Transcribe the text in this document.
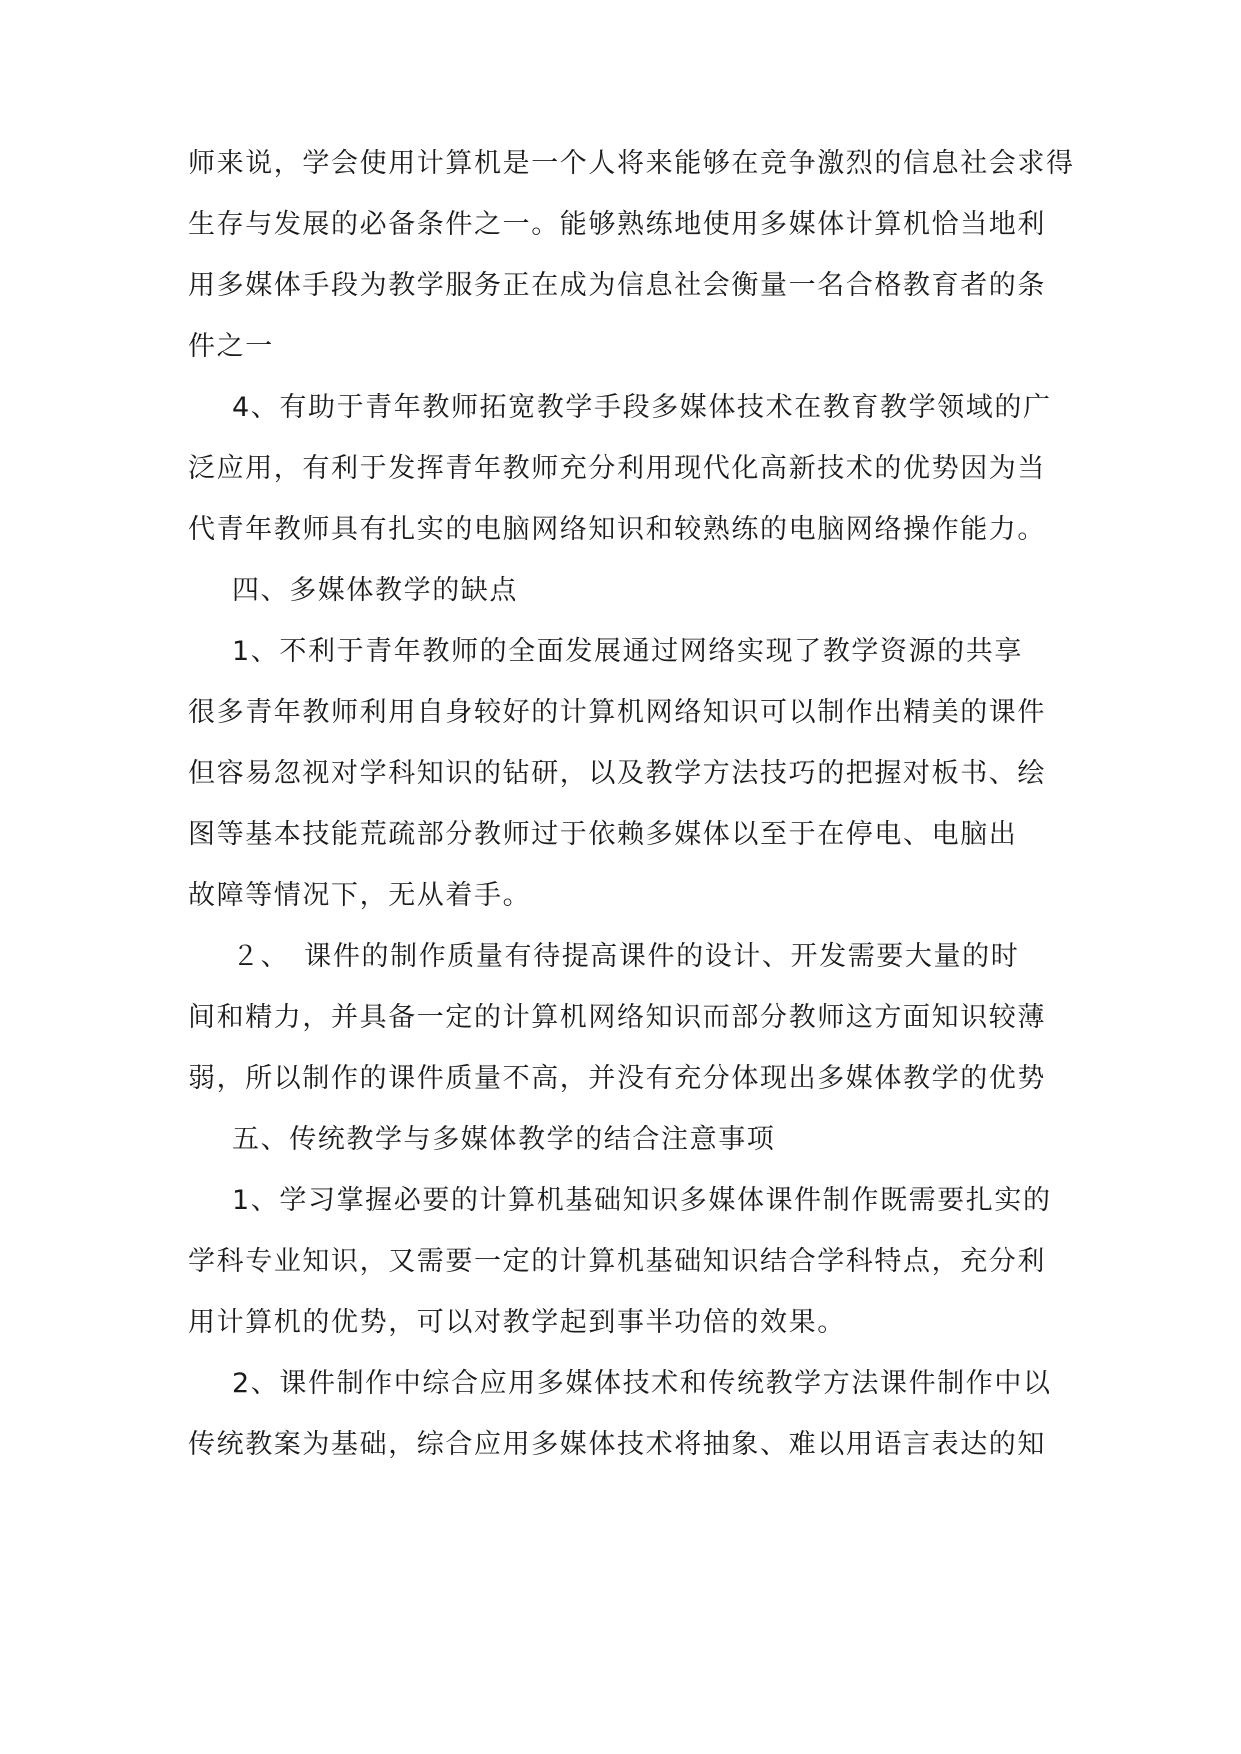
师来说，学会使用计算机是一个人将来能够在竞争激烈的信息社会求得
生存与发展的必备条件之一。能够熟练地使用多媒体计算机恰当地利
用多媒体手段为教学服务正在成为信息社会衡量一名合格教育者的条
件之一
4、有助于青年教师拓宽教学手段多媒体技术在教育教学领域的广
泛应用，有利于发挥青年教师充分利用现代化高新技术的优势因为当
代青年教师具有扎实的电脑网络知识和较熟练的电脑网络操作能力。
四、多媒体教学的缺点
1、不利于青年教师的全面发展通过网络实现了教学资源的共享
很多青年教师利用自身较好的计算机网络知识可以制作出精美的课件
但容易忽视对学科知识的钻研，以及教学方法技巧的把握对板书、绘
图等基本技能荒疏部分教师过于依赖多媒体以至于在停电、电脑出
故障等情况下，无从着手。
２、　课件的制作质量有待提高课件的设计、开发需要大量的时
间和精力，并具备一定的计算机网络知识而部分教师这方面知识较薄
弱，所以制作的课件质量不高，并没有充分体现出多媒体教学的优势
五、传统教学与多媒体教学的结合注意事项
1、学习掌握必要的计算机基础知识多媒体课件制作既需要扎实的
学科专业知识，又需要一定的计算机基础知识结合学科特点，充分利
用计算机的优势，可以对教学起到事半功倍的效果。
2、课件制作中综合应用多媒体技术和传统教学方法课件制作中以
传统教案为基础，综合应用多媒体技术将抽象、难以用语言表达的知
